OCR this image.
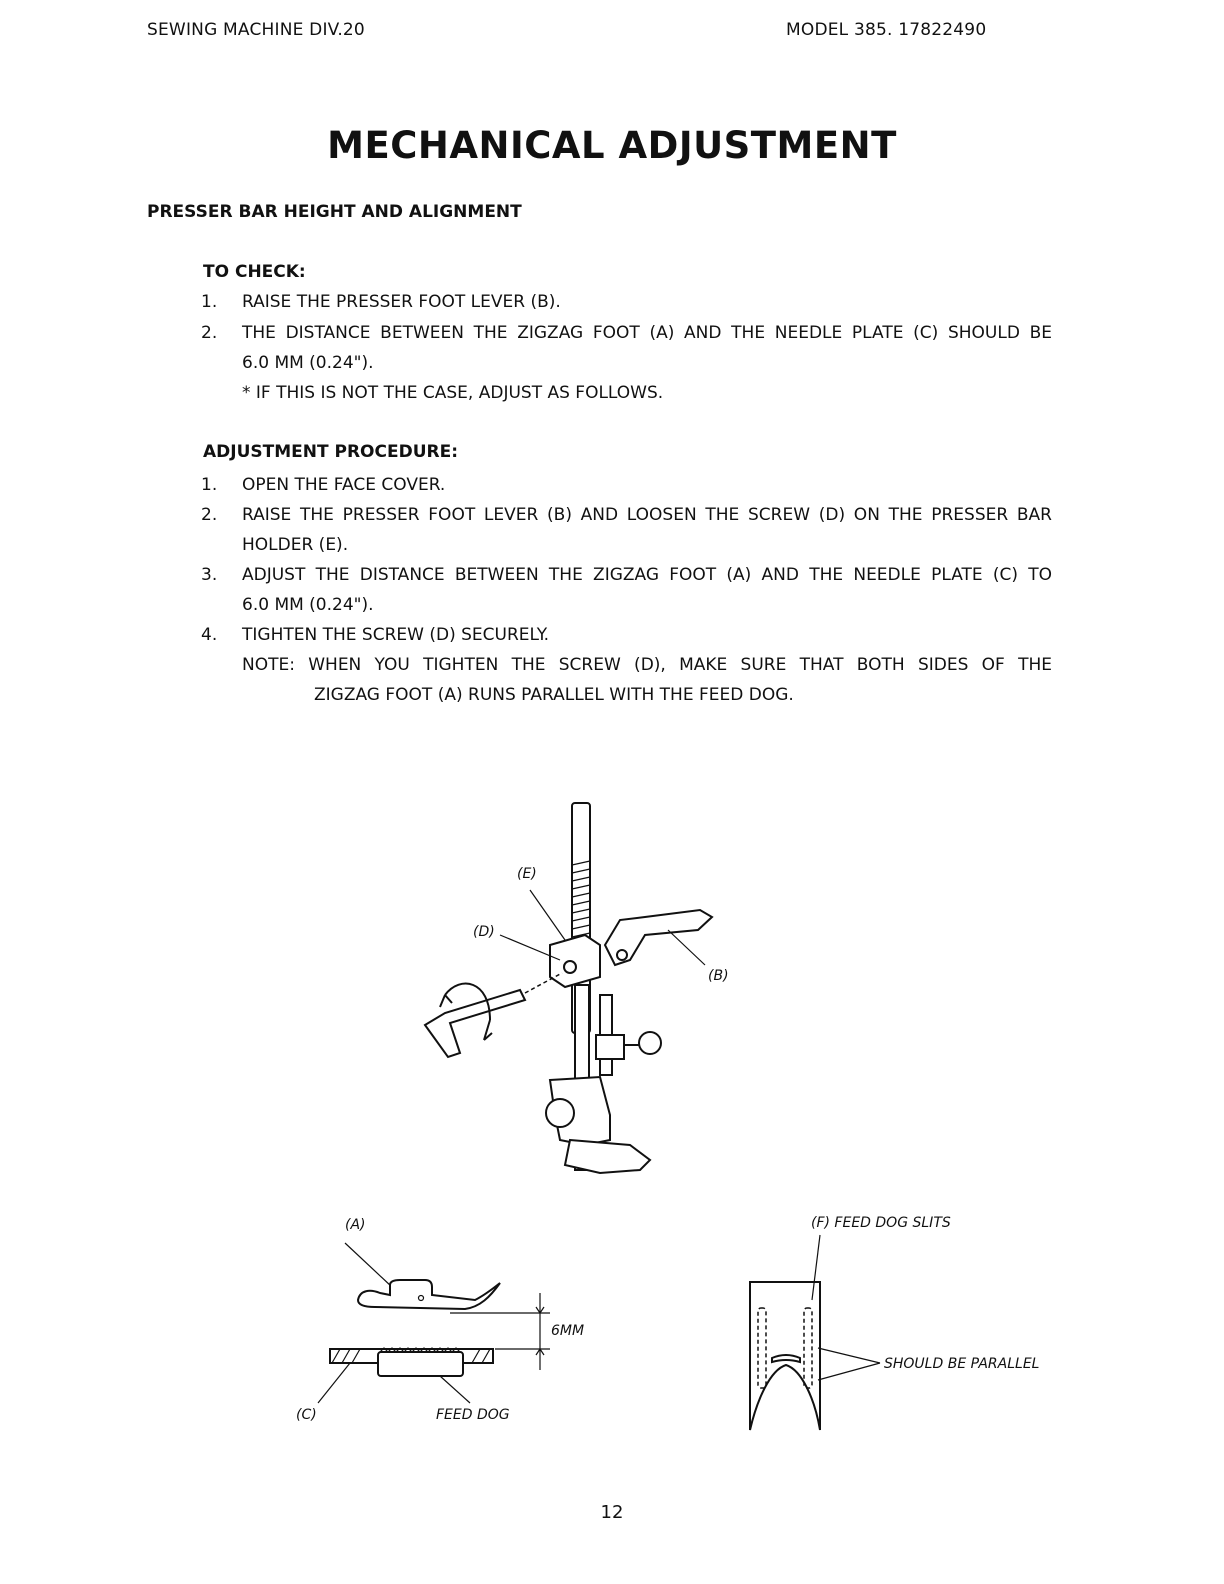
SEWING MACHINE DIV.20	MODEL 385. 17822490
MECHANICAL ADJUSTMENT
PRESSER BAR HEIGHT AND ALIGNMENT
TO CHECK:
1.	RAISE THE PRESSER FOOT LEVER (B).
2.	THE DISTANCE BETWEEN THE ZIGZAG FOOT (A) AND THE NEEDLE PLATE (C) SHOULD BE
6.0 MM (0.24").
* IF THIS IS NOT THE CASE, ADJUST AS FOLLOWS.
ADJUSTMENT PROCEDURE:
1.	OPEN THE FACE COVER.
2.	RAISE THE PRESSER FOOT LEVER (B) AND LOOSEN THE SCREW (D) ON THE PRESSER BAR
HOLDER (E).
3.	ADJUST THE DISTANCE BETWEEN THE ZIGZAG FOOT (A) AND THE NEEDLE PLATE (C) TO
6.0 MM (0.24").
4.	TIGHTEN THE SCREW (D) SECURELY.
NOTE: WHEN YOU TIGHTEN THE SCREW (D), MAKE SURE THAT BOTH SIDES OF THE
ZIGZAG FOOT (A) RUNS PARALLEL WITH THE FEED DOG.
(E)
(D)
(B)
(A)
6MM
(C)	FEED DOG
(F) FEED DOG SLITS
SHOULD BE PARALLEL
12
